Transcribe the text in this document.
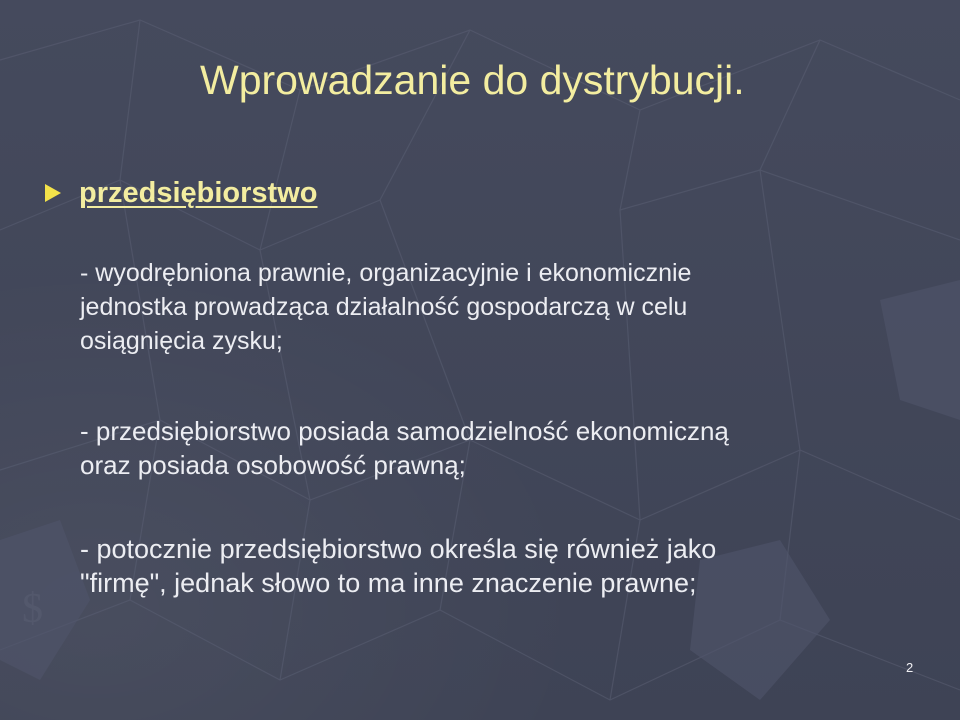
$
Wprowadzanie do dystrybucji.
przedsiębiorstwo

- wyodrębniona prawnie, organizacyjnie i ekonomicznie
jednostka prowadząca działalność gospodarczą w celu
osiągnięcia zysku;

- przedsiębiorstwo posiada samodzielność ekonomiczną
oraz posiada osobowość prawną;

- potocznie przedsiębiorstwo określa się również jako
"firmę", jednak słowo to ma inne znaczenie prawne;

2
